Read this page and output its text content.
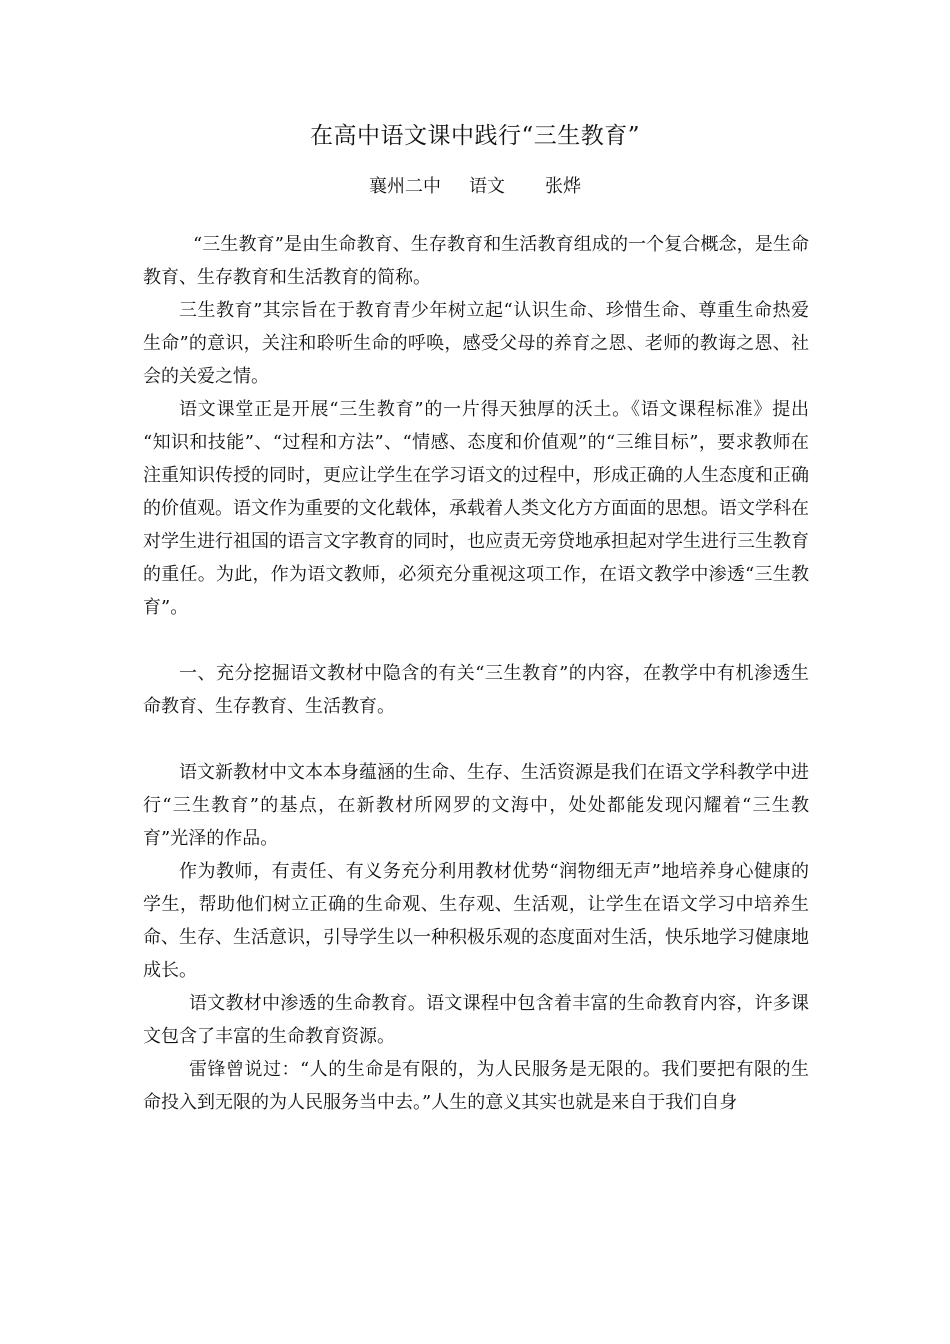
在高中语文课中践行“三生教育”
襄州二中 语文 张烨

“三生教育”是由生命教育、生存教育和生活教育组成的一个复合概念，是生命教育、生存教育和生活教育的简称。

三生教育”其宗旨在于教育青少年树立起“认识生命、珍惜生命、尊重生命热爱生命”的意识，关注和聆听生命的呼唤，感受父母的养育之恩、老师的教诲之恩、社会的关爱之情。

语文课堂正是开展“三生教育”的一片得天独厚的沃土。《语文课程标准》提出 “知识和技能”、“过程和方法”、“情感、态度和价值观”的“三维目标”，要求教师在注重知识传授的同时，更应让学生在学习语文的过程中，形成正确的人生态度和正确的价值观。语文作为重要的文化载体，承载着人类文化方方面面的思想。语文学科在对学生进行祖国的语言文字教育的同时，也应责无旁贷地承担起对学生进行三生教育的重任。为此，作为语文教师，必须充分重视这项工作，在语文教学中渗透“三生教育”。

一、充分挖掘语文教材中隐含的有关“三生教育”的内容，在教学中有机渗透生命教育、生存教育、生活教育。

语文新教材中文本本身蕴涵的生命、生存、生活资源是我们在语文学科教学中进行“三生教育”的基点，在新教材所网罗的文海中，处处都能发现闪耀着“三生教育”光泽的作品。

作为教师，有责任、有义务充分利用教材优势“润物细无声”地培养身心健康的学生，帮助他们树立正确的生命观、生存观、生活观，让学生在语文学习中培养生命、生存、生活意识，引导学生以一种积极乐观的态度面对生活，快乐地学习健康地成长。

语文教材中渗透的生命教育。语文课程中包含着丰富的生命教育内容，许多课文包含了丰富的生命教育资源。

雷锋曾说过：“人的生命是有限的，为人民服务是无限的。我们要把有限的生命投入到无限的为人民服务当中去。”人生的意义其实也就是来自于我们自身
